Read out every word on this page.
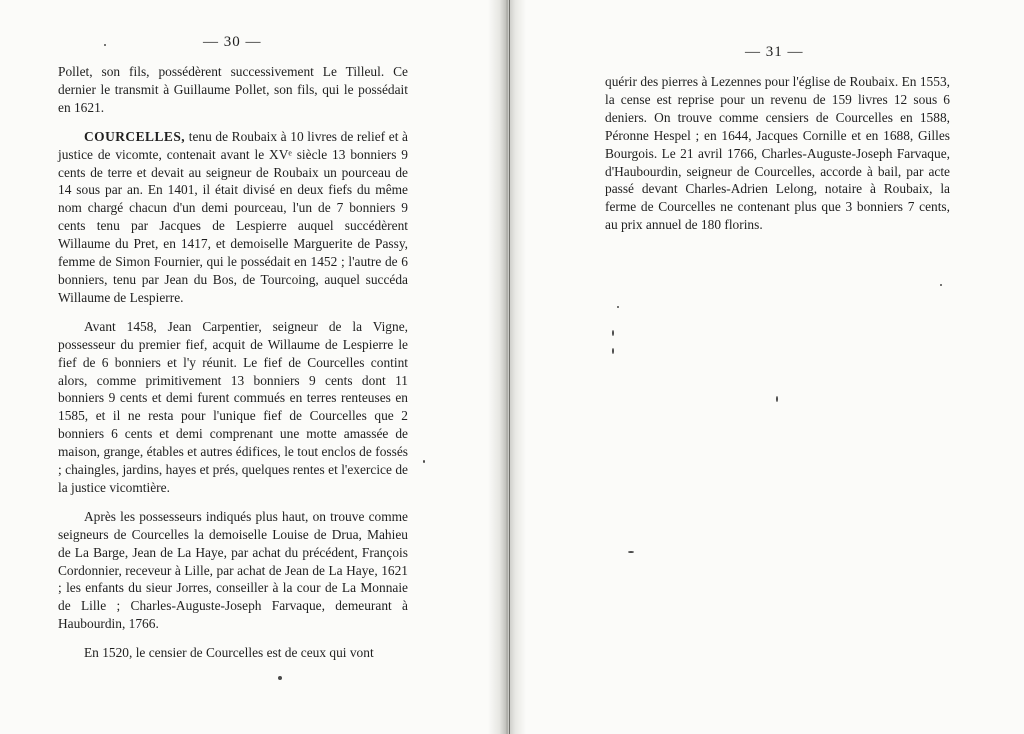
— 30 —

Pollet, son fils, possédèrent successivement Le Tilleul. Ce dernier le transmit à Guillaume Pollet, son fils, qui le possédait en 1621.

COURCELLES, tenu de Roubaix à 10 livres de relief et à justice de vicomte, contenait avant le XVᵉ siècle 13 bonniers 9 cents de terre et devait au seigneur de Roubaix un pourceau de 14 sous par an. En 1401, il était divisé en deux fiefs du même nom chargé chacun d'un demi pourceau, l'un de 7 bonniers 9 cents tenu par Jacques de Lespierre auquel succédèrent Willaume du Pret, en 1417, et demoiselle Marguerite de Passy, femme de Simon Fournier, qui le possédait en 1452 ; l'autre de 6 bonniers, tenu par Jean du Bos, de Tourcoing, auquel succéda Willaume de Lespierre.

Avant 1458, Jean Carpentier, seigneur de la Vigne, possesseur du premier fief, acquit de Willaume de Lespierre le fief de 6 bonniers et l'y réunit. Le fief de Courcelles contint alors, comme primitivement 13 bonniers 9 cents dont 11 bonniers 9 cents et demi furent commués en terres renteuses en 1585, et il ne resta pour l'unique fief de Courcelles que 2 bonniers 6 cents et demi comprenant une motte amassée de maison, grange, étables et autres édifices, le tout enclos de fossés ; chaingles, jardins, hayes et prés, quelques rentes et l'exercice de la justice vicomtière.

Après les possesseurs indiqués plus haut, on trouve comme seigneurs de Courcelles la demoiselle Louise de Drua, Mahieu de La Barge, Jean de La Haye, par achat du précédent, François Cordonnier, receveur à Lille, par achat de Jean de La Haye, 1621 ; les enfants du sieur Jorres, conseiller à la cour de La Monnaie de Lille ; Charles-Auguste-Joseph Farvaque, demeurant à Haubourdin, 1766.

En 1520, le censier de Courcelles est de ceux qui vont

— 31 —

quérir des pierres à Lezennes pour l'église de Roubaix. En 1553, la cense est reprise pour un revenu de 159 livres 12 sous 6 deniers. On trouve comme censiers de Courcelles en 1588, Péronne Hespel ; en 1644, Jacques Cornille et en 1688, Gilles Bourgois. Le 21 avril 1766, Charles-Auguste-Joseph Farvaque, d'Haubourdin, seigneur de Courcelles, accorde à bail, par acte passé devant Charles-Adrien Lelong, notaire à Roubaix, la ferme de Courcelles ne contenant plus que 3 bonniers 7 cents, au prix annuel de 180 florins.
